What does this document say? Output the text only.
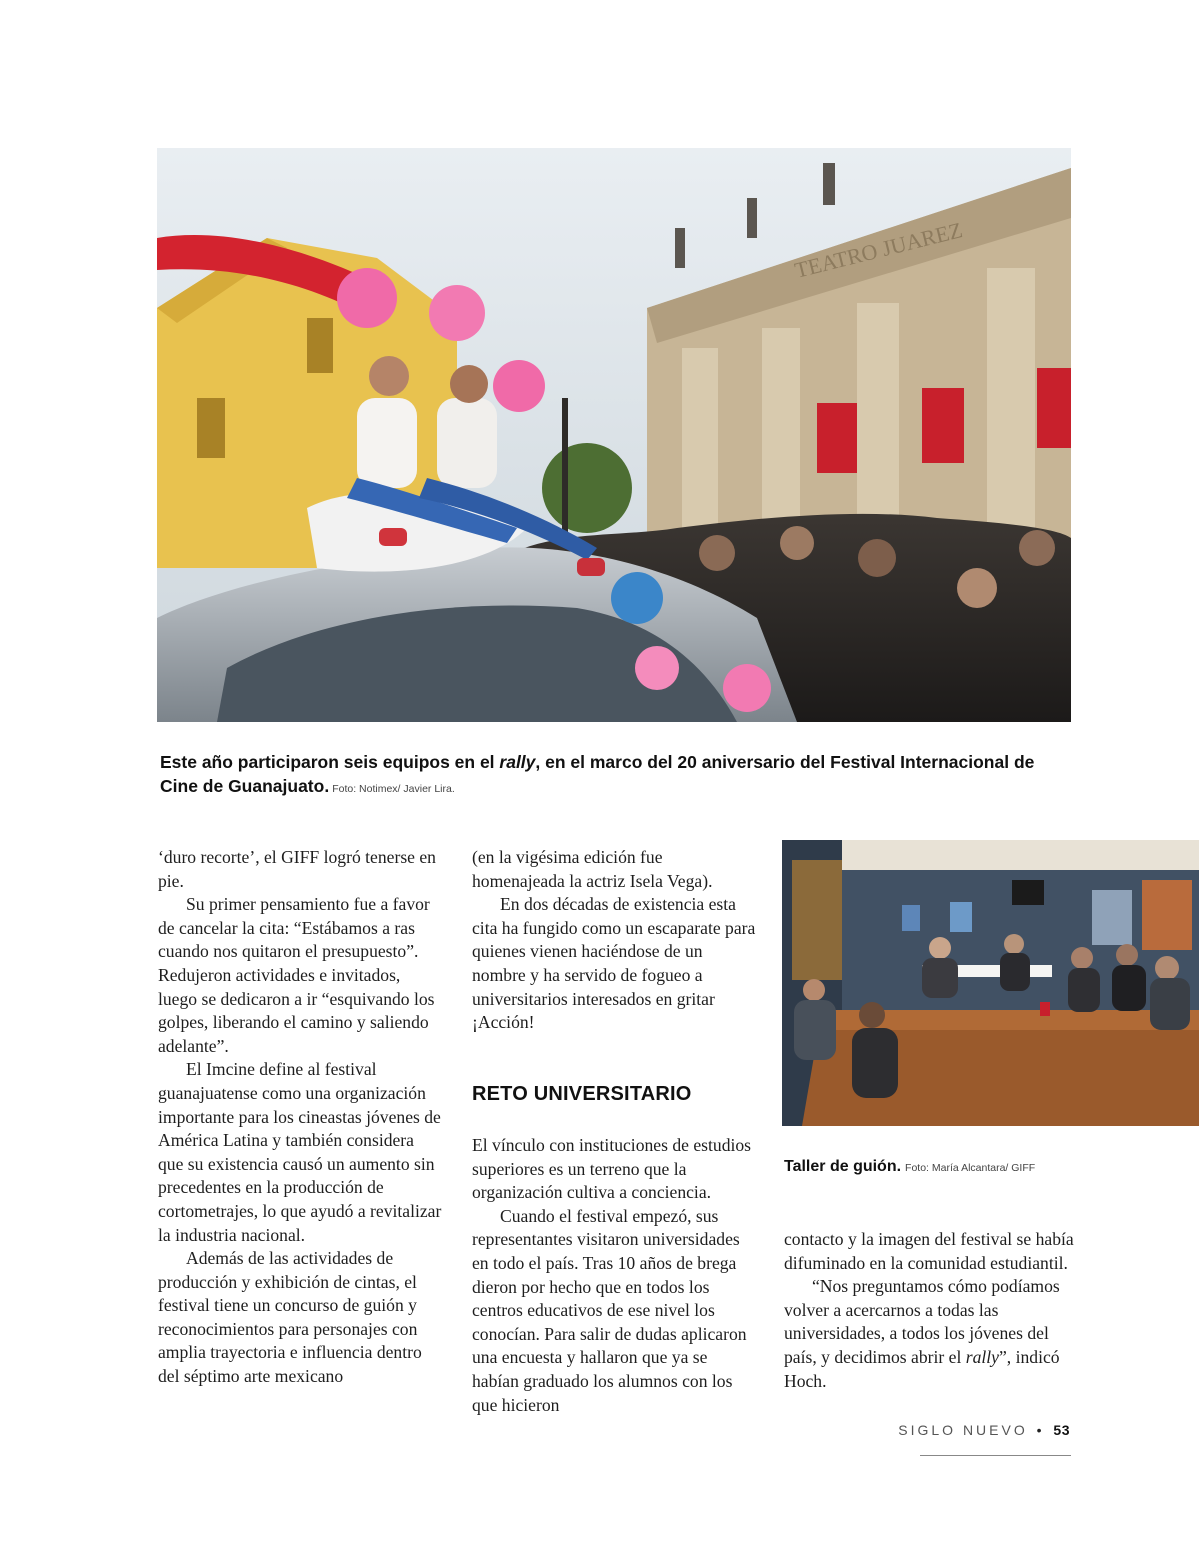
TEATRO JUAREZ
Este año participaron seis equipos en el rally, en el marco del 20 aniversario del Festival Internacional de Cine de Guanajuato. Foto: Notimex/ Javier Lira.

‘duro recorte’, el GIFF logró tenerse en pie.

Su primer pensamiento fue a favor de cancelar la cita: “Estábamos a ras cuando nos quitaron el presupuesto”. Redujeron actividades e invitados, luego se dedicaron a ir “esquivando los golpes, liberando el camino y saliendo adelante”.

El Imcine define al festival guanajuatense como una organización importante para los cineastas jóvenes de América Latina y también considera que su existencia causó un aumento sin precedentes en la producción de cortometrajes, lo que ayudó a revitalizar la industria nacional.

Además de las actividades de producción y exhibición de cintas, el festival tiene un concurso de guión y reconocimientos para personajes con amplia trayectoria e influencia dentro del séptimo arte mexicano

(en la vigésima edición fue homenajeada la actriz Isela Vega).

En dos décadas de existencia esta cita ha fungido como un escaparate para quienes vienen haciéndose de un nombre y ha servido de fogueo a universitarios interesados en gritar ¡Acción!

RETO UNIVERSITARIO

El vínculo con instituciones de estudios superiores es un terreno que la organización cultiva a conciencia.

Cuando el festival empezó, sus representantes visitaron universidades en todo el país. Tras 10 años de brega dieron por hecho que en todos los centros educativos de ese nivel los conocían. Para salir de dudas aplicaron una encuesta y hallaron que ya se habían graduado los alumnos con los que hicieron

Taller de guión. Foto: María Alcantara/ GIFF

contacto y la imagen del festival se había difuminado en la comunidad estudiantil.

“Nos preguntamos cómo podíamos volver a acercarnos a todas las universidades, a todos los jóvenes del país, y decidimos abrir el rally”, indicó Hoch.

SIGLO NUEVO • 53
